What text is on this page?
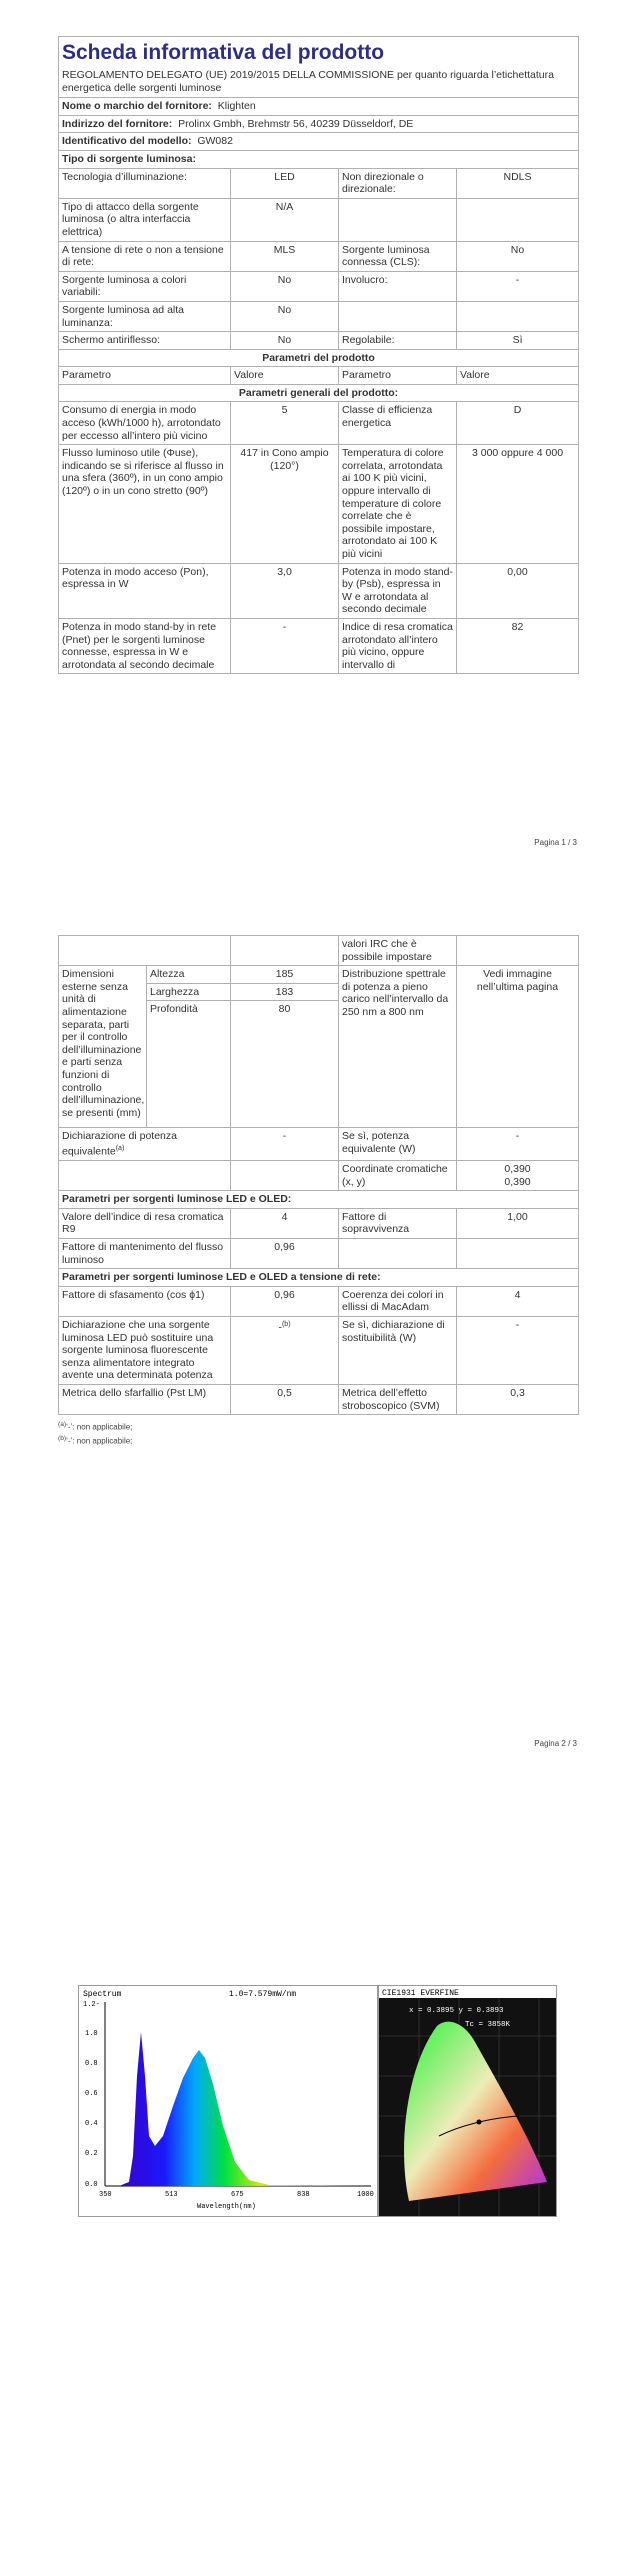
Scheda informativa del prodotto
REGOLAMENTO DELEGATO (UE) 2019/2015 DELLA COMMISSIONE per quanto riguarda l’etichettatura energetica delle sorgenti luminose			

Nome o marchio del fornitore: Klighten			
Indirizzo del fornitore: Prolinx Gmbh, Brehmstr 56, 40239 Düsseldorf, DE			
Identificativo del modello: GW082			
Tipo di sorgente luminosa:			
Tecnologia d’illuminazione:	LED	Non direzionale o direzionale:	NDLS
Tipo di attacco della sorgente luminosa (o altra interfaccia elettrica)	N/A		
A tensione di rete o non a tensione di rete:	MLS	Sorgente luminosa connessa (CLS):	No
Sorgente luminosa a colori variabili:	No	Involucro:	-
Sorgente luminosa ad alta luminanza:	No		
Schermo antiriflesso:	No	Regolabile:	Sì
Parametri del prodotto			
Parametro	Valore	Parametro	Valore
Parametri generali del prodotto:			
Consumo di energia in modo acceso (kWh/1000 h), arrotondato per eccesso all’intero più vicino	5	Classe di efficienza energetica	D
Flusso luminoso utile (Φuse), indicando se si riferisce al flusso in una sfera (360º), in un cono ampio (120º) o in un cono stretto (90º)	417 in Cono ampio (120°)	Temperatura di colore correlata, arrotondata ai 100 K più vicini, oppure intervallo di temperature di colore correlate che è possibile impostare, arrotondato ai 100 K più vicini	3 000 oppure 4 000
Potenza in modo acceso (Pon), espressa in W	3,0	Potenza in modo stand-by (Psb), espressa in W e arrotondata al secondo decimale	0,00
Potenza in modo stand-by in rete (Pnet) per le sorgenti luminose connesse, espressa in W e arrotondata al secondo decimale	-	Indice di resa cromatica arrotondato all’intero più vicino, oppure intervallo di	82
Pagina 1 / 3
			valori IRC che è possibile impostare	
Dimensioni esterne senza unità di alimentazione separata, parti per il controllo dell’illuminazione e parti senza funzioni di controllo dell’illuminazione, se presenti (mm)	Altezza	185	Distribuzione spettrale di potenza a pieno carico nell’intervallo da 250 nm a 800 nm	Vedi immagine nell’ultima pagina
	Larghezza	183		
	Profondità	80		
Dichiarazione di potenza equivalente$^{(a)}$		-	Se sì, potenza equivalente (W)	-
			Coordinate cromatiche (x, y)	0,390
0,390

Parametri per sorgenti luminose LED e OLED:				
Valore dell’indice di resa cromatica R9		4	Fattore di sopravvivenza	1,00
Fattore di mantenimento del flusso luminoso		0,96		
Parametri per sorgenti luminose LED e OLED a tensione di rete:				
Fattore di sfasamento (cos ϕ1)		0,96	Coerenza dei colori in ellissi di MacAdam	4
Dichiarazione che una sorgente luminosa LED può sostituire una sorgente luminosa fluorescente senza alimentatore integrato avente una determinata potenza		-$^{(b)}$	Se sì, dichiarazione di sostituibilità (W)	-
Metrica dello sfarfallio (Pst LM)		0,5	Metrica dell’effetto stroboscopico (SVM)	0,3
$^{(a)}$‘-’: non applicabile;
$^{(b)}$‘-’: non applicabile;
Pagina 2 / 3
Spectrum	1.0=7.579mW/nm
1.2-
1.0
0.8
0.6
0.4
0.2
0.0
350	513	675	838	1000
Wavelength(nm)
CIE1931 EVERFINE
x = 0.3895 y = 0.3893
Tc = 3858K
